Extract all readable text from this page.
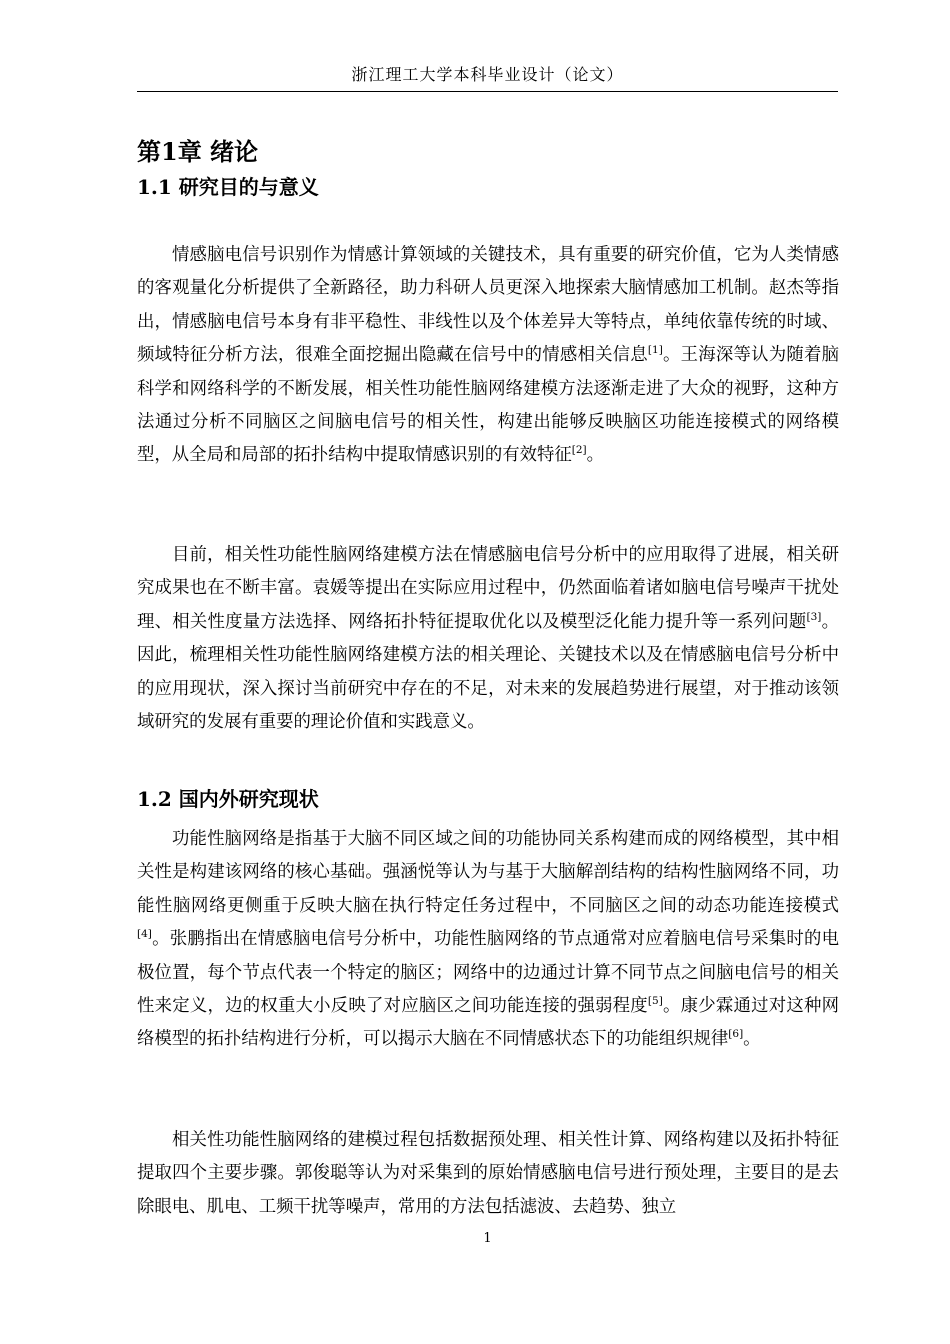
浙江理工大学本科毕业设计（论文）
第1章 绪论
1.1 研究目的与意义

情感脑电信号识别作为情感计算领域的关键技术，具有重要的研究价值，它为人类情感的客观量化分析提供了全新路径，助力科研人员更深入地探索大脑情感加工机制。赵杰等指出，情感脑电信号本身有非平稳性、非线性以及个体差异大等特点，单纯依靠传统的时域、频域特征分析方法，很难全面挖掘出隐藏在信号中的情感相关信息[1]。王海深等认为随着脑科学和网络科学的不断发展，相关性功能性脑网络建模方法逐渐走进了大众的视野，这种方法通过分析不同脑区之间脑电信号的相关性，构建出能够反映脑区功能连接模式的网络模型，从全局和局部的拓扑结构中提取情感识别的有效特征[2]。

目前，相关性功能性脑网络建模方法在情感脑电信号分析中的应用取得了进展，相关研究成果也在不断丰富。袁媛等提出在实际应用过程中，仍然面临着诸如脑电信号噪声干扰处理、相关性度量方法选择、网络拓扑特征提取优化以及模型泛化能力提升等一系列问题[3]。因此，梳理相关性功能性脑网络建模方法的相关理论、关键技术以及在情感脑电信号分析中的应用现状，深入探讨当前研究中存在的不足，对未来的发展趋势进行展望，对于推动该领域研究的发展有重要的理论价值和实践意义。

1.2 国内外研究现状

功能性脑网络是指基于大脑不同区域之间的功能协同关系构建而成的网络模型，其中相关性是构建该网络的核心基础。强涵悦等认为与基于大脑解剖结构的结构性脑网络不同，功能性脑网络更侧重于反映大脑在执行特定任务过程中，不同脑区之间的动态功能连接模式[4]。张鹏指出在情感脑电信号分析中，功能性脑网络的节点通常对应着脑电信号采集时的电极位置，每个节点代表一个特定的脑区；网络中的边通过计算不同节点之间脑电信号的相关性来定义，边的权重大小反映了对应脑区之间功能连接的强弱程度[5]。康少霖通过对这种网络模型的拓扑结构进行分析，可以揭示大脑在不同情感状态下的功能组织规律[6]。

相关性功能性脑网络的建模过程包括数据预处理、相关性计算、网络构建以及拓扑特征提取四个主要步骤。郭俊聪等认为对采集到的原始情感脑电信号进行预处理，主要目的是去除眼电、肌电、工频干扰等噪声，常用的方法包括滤波、去趋势、独立

1
